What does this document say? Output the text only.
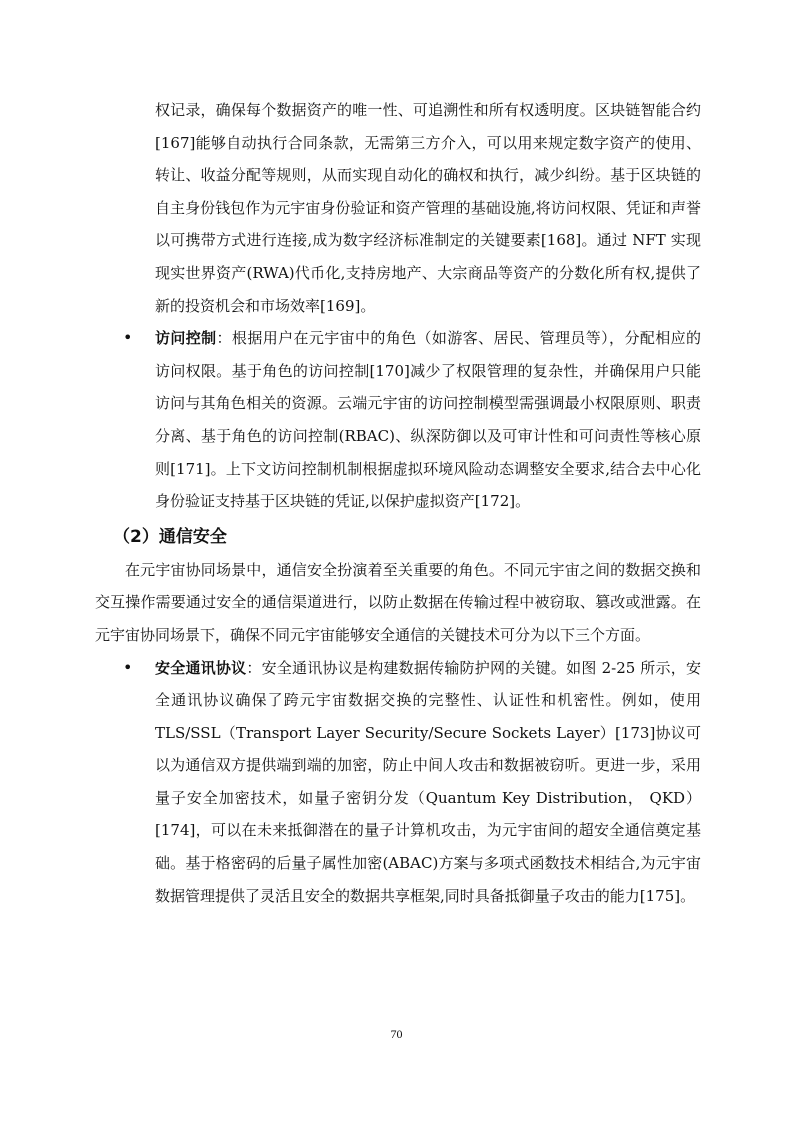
权记录，确保每个数据资产的唯一性、可追溯性和所有权透明度。区块链智能合约[167]能够自动执行合同条款，无需第三方介入，可以用来规定数字资产的使用、转让、收益分配等规则，从而实现自动化的确权和执行，减少纠纷。基于区块链的自主身份钱包作为元宇宙身份验证和资产管理的基础设施,将访问权限、凭证和声誉以可携带方式进行连接,成为数字经济标准制定的关键要素[168]。通过 NFT 实现现实世界资产(RWA)代币化,支持房地产、大宗商品等资产的分数化所有权,提供了新的投资机会和市场效率[169]。
• 访问控制：根据用户在元宇宙中的角色（如游客、居民、管理员等），分配相应的访问权限。基于角色的访问控制[170]减少了权限管理的复杂性，并确保用户只能访问与其角色相关的资源。云端元宇宙的访问控制模型需强调最小权限原则、职责分离、基于角色的访问控制(RBAC)、纵深防御以及可审计性和可问责性等核心原则[171]。上下文访问控制机制根据虚拟环境风险动态调整安全要求,结合去中心化身份验证支持基于区块链的凭证,以保护虚拟资产[172]。
（2）通信安全
在元宇宙协同场景中，通信安全扮演着至关重要的角色。不同元宇宙之间的数据交换和交互操作需要通过安全的通信渠道进行，以防止数据在传输过程中被窃取、篡改或泄露。在元宇宙协同场景下，确保不同元宇宙能够安全通信的关键技术可分为以下三个方面。
• 安全通讯协议：安全通讯协议是构建数据传输防护网的关键。如图 2-25 所示，安全通讯协议确保了跨元宇宙数据交换的完整性、认证性和机密性。例如，使用 TLS/SSL（Transport Layer Security/Secure Sockets Layer）[173]协议可以为通信双方提供端到端的加密，防止中间人攻击和数据被窃听。更进一步，采用量子安全加密技术，如量子密钥分发（Quantum Key Distribution， QKD）[174]，可以在未来抵御潜在的量子计算机攻击，为元宇宙间的超安全通信奠定基础。基于格密码的后量子属性加密(ABAC)方案与多项式函数技术相结合,为元宇宙数据管理提供了灵活且安全的数据共享框架,同时具备抵御量子攻击的能力[175]。
70
